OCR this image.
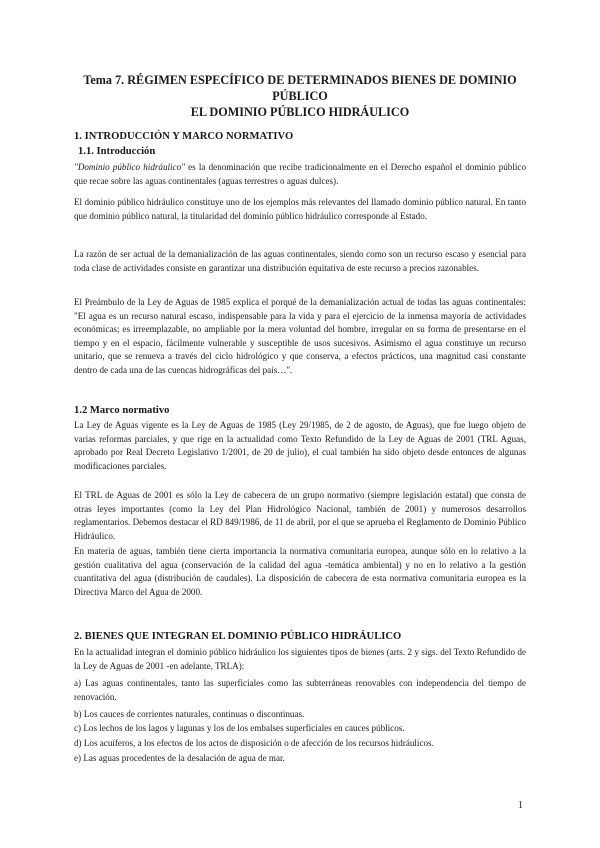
Tema 7. RÉGIMEN ESPECÍFICO DE DETERMINADOS BIENES DE DOMINIO PÚBLICO
EL DOMINIO PÚBLICO HIDRÁULICO
1. INTRODUCCIÓN Y MARCO NORMATIVO
1.1. Introducción
"Dominio público hidráulico" es la denominación que recibe tradicionalmente en el Derecho español el dominio público que recae sobre las aguas continentales (aguas terrestres o aguas dulces).
El dominio público hidráulico constituye uno de los ejemplos más relevantes del llamado dominio público natural. En tanto que dominio público natural, la titularidad del dominio público hidráulico corresponde al Estado.
La razón de ser actual de la demanialización de las aguas continentales, siendo como son un recurso escaso y esencial para toda clase de actividades consiste en garantizar una distribución equitativa de este recurso a precios razonables.
El Preámbulo de la Ley de Aguas de 1985 explica el porqué de la demanialización actual de todas las aguas continentales: "El agua es un recurso natural escaso, indispensable para la vida y para el ejercicio de la inmensa mayoría de actividades económicas; es irreemplazable, no ampliable por la mera voluntad del hombre, irregular en su forma de presentarse en el tiempo y en el espacio, fácilmente vulnerable y susceptible de usos sucesivos. Asimismo el agua constituye un recurso unitario, que se renueva a través del ciclo hidrológico y que conserva, a efectos prácticos, una magnitud casi constante dentro de cada una de las cuencas hidrográficas del país…".
1.2 Marco normativo
La Ley de Aguas vigente es la Ley de Aguas de 1985 (Ley 29/1985, de 2 de agosto, de Aguas), que fue luego objeto de varias reformas parciales, y que rige en la actualidad como Texto Refundido de la Ley de Aguas de 2001 (TRL Aguas, aprobado por Real Decreto Legislativo 1/2001, de 20 de julio), el cual también ha sido objeto desde entonces de algunas modificaciones parciales.
El TRL de Aguas de 2001 es sólo la Ley de cabecera de un grupo normativo (siempre legislación estatal) que consta de otras leyes importantes (como la Ley del Plan Hidrológico Nacional, también de 2001) y numerosos desarrollos reglamentarios. Debemos destacar el RD 849/1986, de 11 de abril, por el que se aprueba el Reglamento de Dominio Público Hidráulico.
En materia de aguas, también tiene cierta importancia la normativa comunitaria europea, aunque sólo en lo relativo a la gestión cualitativa del agua (conservación de la calidad del agua -temática ambiental) y no en lo relativo a la gestión cuantitativa del agua (distribución de caudales). La disposición de cabecera de esta normativa comunitaria europea es la Directiva Marco del Agua de 2000.
2. BIENES QUE INTEGRAN EL DOMINIO PÚBLICO HIDRÁULICO
En la actualidad integran el dominio público hidráulico los siguientes tipos de bienes (arts. 2 y sigs. del Texto Refundido de la Ley de Aguas de 2001 -en adelante, TRLA):
a) Las aguas continentales, tanto las superficiales como las subterráneas renovables con independencia del tiempo de renovación.
b) Los cauces de corrientes naturales, continuas o discontinuas.
c) Los lechos de los lagos y lagunas y los de los embalses superficiales en cauces públicos.
d) Los acuíferos, a los efectos de los actos de disposición o de afección de los recursos hidráulicos.
e) Las aguas procedentes de la desalación de agua de mar.
1
